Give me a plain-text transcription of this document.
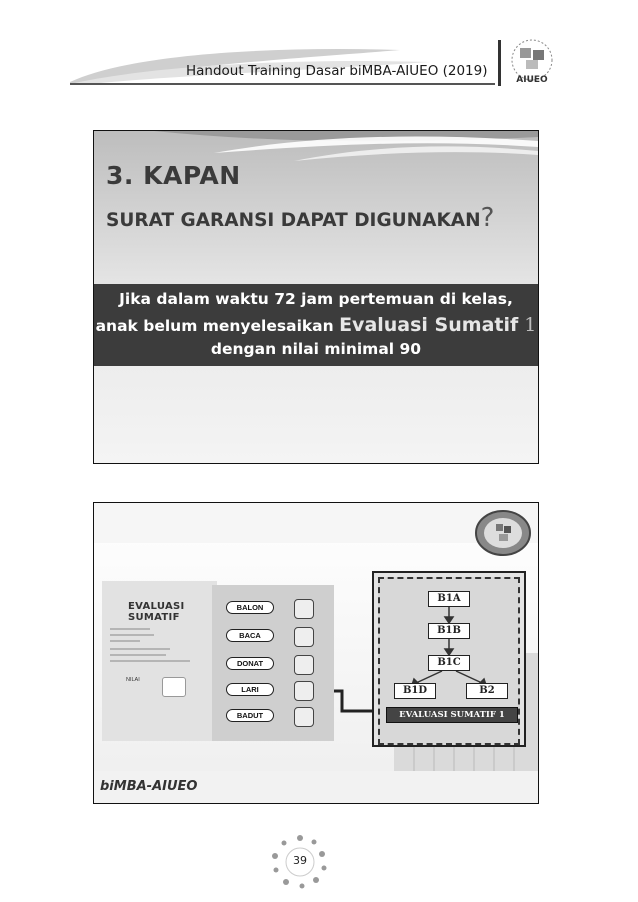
Handout Training Dasar biMBA-AIUEO (2019)
AIUEO
3. KAPAN
SURAT GARANSI DAPAT DIGUNAKAN?
Jika dalam waktu 72 jam pertemuan di kelas,
anak belum menyelesaikan Evaluasi Sumatif 1
dengan nilai minimal 90
EVALUASI SUMATIF
NILAI
BALON
BACA
DONAT
LARI
BADUT
B1A
B1B
B1C
B1D	B2
EVALUASI SUMATIF 1
biMBA-AIUEO
39
